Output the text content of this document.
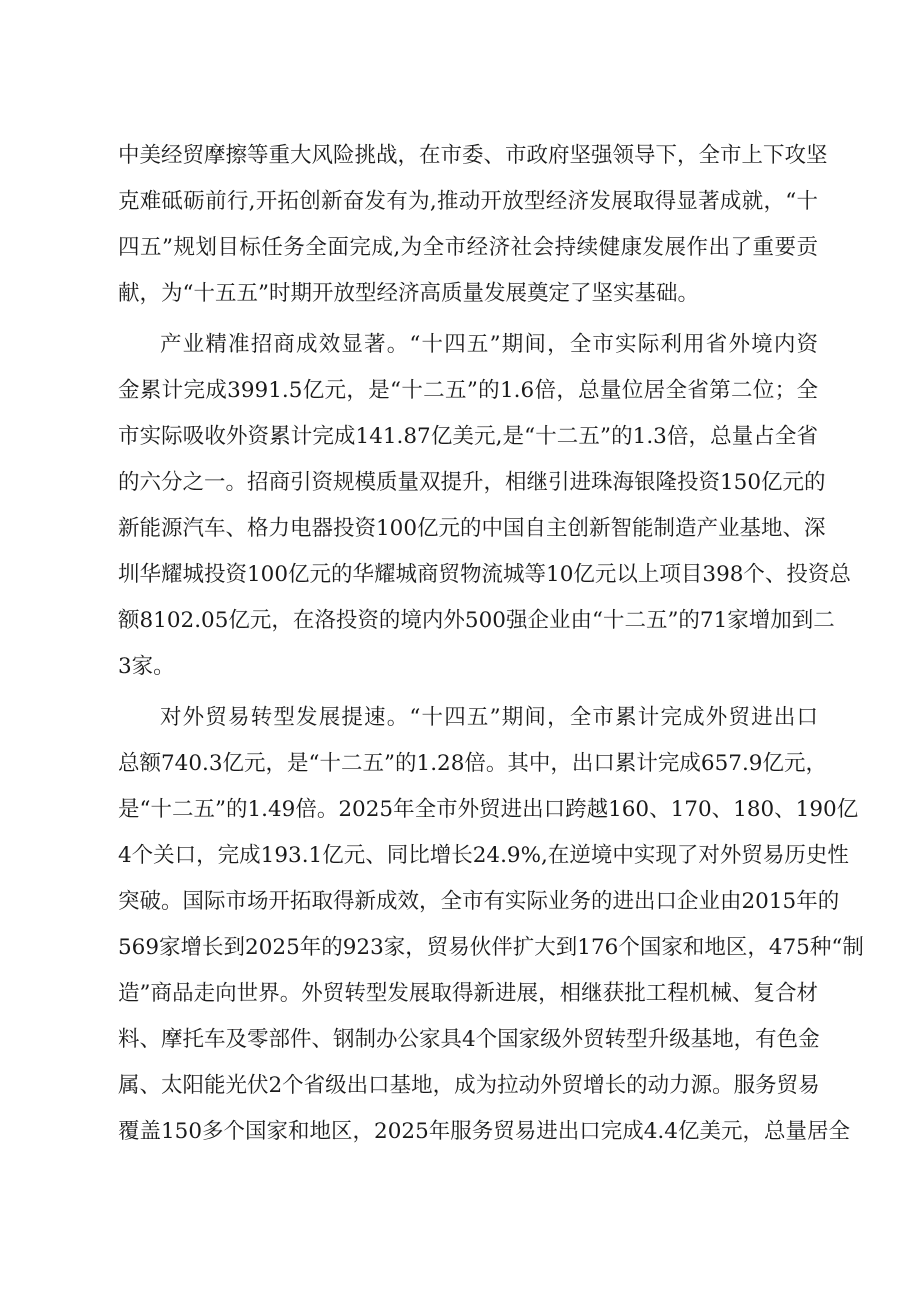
中美经贸摩擦等重大风险挑战，在市委、市政府坚强领导下，全市上下攻坚
克难砥砺前行,开拓创新奋发有为,推动开放型经济发展取得显著成就，“十
四五”规划目标任务全面完成,为全市经济社会持续健康发展作出了重要贡
献，为“十五五”时期开放型经济高质量发展奠定了坚实基础。
产业精准招商成效显著。“十四五”期间，全市实际利用省外境内资
金累计完成3991.5亿元，是“十二五”的1.6倍，总量位居全省第二位；全
市实际吸收外资累计完成141.87亿美元,是“十二五”的1.3倍，总量占全省
的六分之一。招商引资规模质量双提升，相继引进珠海银隆投资150亿元的
新能源汽车、格力电器投资100亿元的中国自主创新智能制造产业基地、深
圳华耀城投资100亿元的华耀城商贸物流城等10亿元以上项目398个、投资总
额8102.05亿元，在洛投资的境内外500强企业由“十二五”的71家增加到二
3家。
对外贸易转型发展提速。“十四五”期间，全市累计完成外贸进出口
总额740.3亿元，是“十二五”的1.28倍。其中，出口累计完成657.9亿元，
是“十二五”的1.49倍。2025年全市外贸进出口跨越160、170、180、190亿
4个关口，完成193.1亿元、同比增长24.9%,在逆境中实现了对外贸易历史性
突破。国际市场开拓取得新成效，全市有实际业务的进出口企业由2015年的
569家增长到2025年的923家，贸易伙伴扩大到176个国家和地区，475种“制
造”商品走向世界。外贸转型发展取得新进展，相继获批工程机械、复合材
料、摩托车及零部件、钢制办公家具4个国家级外贸转型升级基地，有色金
属、太阳能光伏2个省级出口基地，成为拉动外贸增长的动力源。服务贸易
覆盖150多个国家和地区，2025年服务贸易进出口完成4.4亿美元，总量居全
